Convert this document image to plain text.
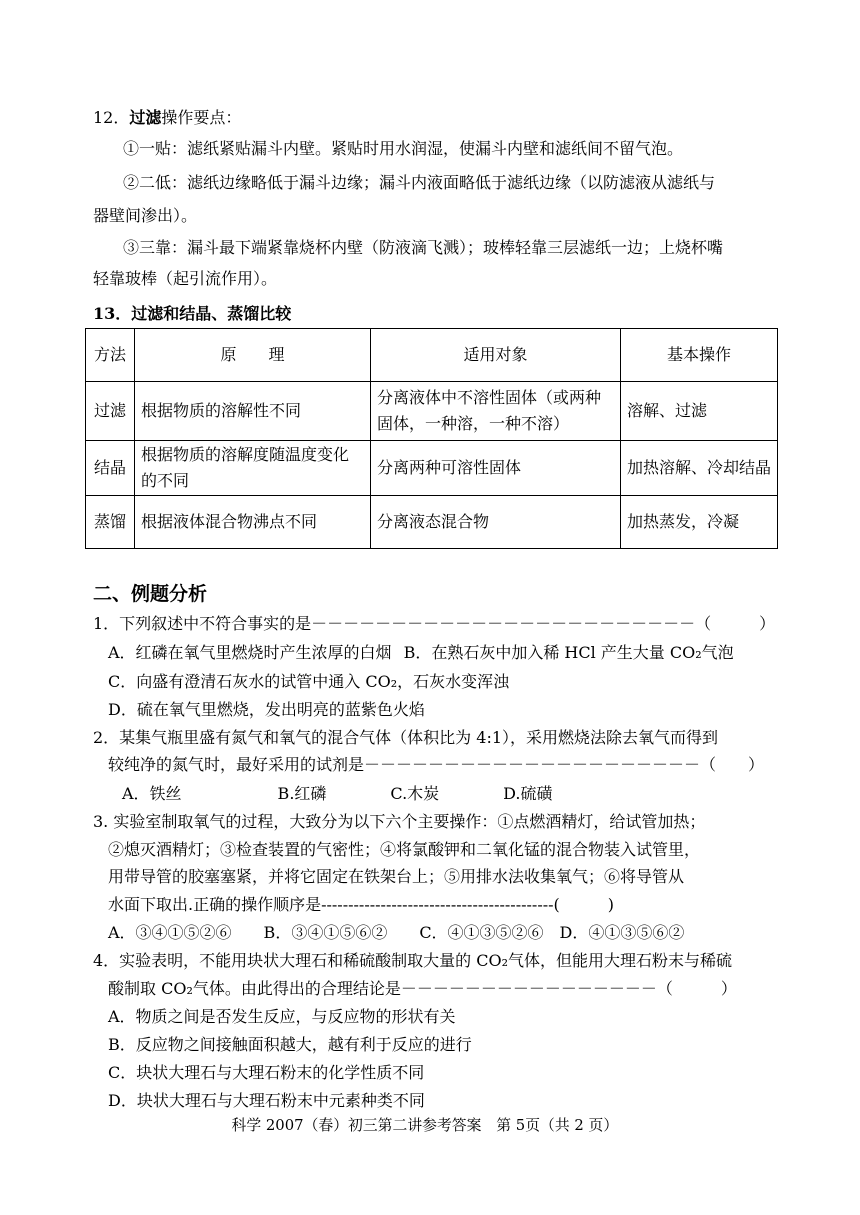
12．过滤操作要点：
①一贴：滤纸紧贴漏斗内壁。紧贴时用水润湿，使漏斗内壁和滤纸间不留气泡。
②二低：滤纸边缘略低于漏斗边缘；漏斗内液面略低于滤纸边缘（以防滤液从滤纸与
器壁间渗出）。
③三靠：漏斗最下端紧靠烧杯内壁（防液滴飞溅）；玻棒轻靠三层滤纸一边；上烧杯嘴
轻靠玻棒（起引流作用）。
13．过滤和结晶、蒸馏比较
方法	原　　理	适用对象	基本操作
过滤	根据物质的溶解性不同	分离液体中不溶性固体（或两种固体，一种溶，一种不溶）	溶解、过滤
结晶	根据物质的溶解度随温度变化的不同	分离两种可溶性固体	加热溶解、冷却结晶
蒸馏	根据液体混合物沸点不同	分离液态混合物	加热蒸发，冷凝
二、例题分析
1．下列叙述中不符合事实的是－－－－－－－－－－－－－－－－－－－－－－－－（　　　）
A．红磷在氧气里燃烧时产生浓厚的白烟 B．在熟石灰中加入稀 HCl 产生大量 CO₂气泡
C．向盛有澄清石灰水的试管中通入 CO₂，石灰水变浑浊
D．硫在氧气里燃烧，发出明亮的蓝紫色火焰
2．某集气瓶里盛有氮气和氧气的混合气体（体积比为 4:1），采用燃烧法除去氧气而得到
较纯净的氮气时，最好采用的试剂是－－－－－－－－－－－－－－－－－－－－－（　　）
A．铁丝　　　　　　B.红磷　　　　C.木炭　　　　D.硫磺
3. 实验室制取氧气的过程，大致分为以下六个主要操作：①点燃酒精灯，给试管加热；
②熄灭酒精灯；③检查装置的气密性；④将氯酸钾和二氧化锰的混合物装入试管里，
用带导管的胶塞塞紧，并将它固定在铁架台上；⑤用排水法收集氧气；⑥将导管从
水面下取出.正确的操作顺序是-------------------------------------------(　　　)
A．③④①⑤②⑥　　B．③④①⑤⑥②　　C．④①③⑤②⑥　D．④①③⑤⑥②
4．实验表明，不能用块状大理石和稀硫酸制取大量的 CO₂气体，但能用大理石粉末与稀硫
酸制取 CO₂气体。由此得出的合理结论是－－－－－－－－－－－－－－－－（　　　）
A．物质之间是否发生反应，与反应物的形状有关
B．反应物之间接触面积越大，越有利于反应的进行
C．块状大理石与大理石粉末的化学性质不同
D．块状大理石与大理石粉末中元素种类不同
科学 2007（春）初三第二讲参考答案　第 5页（共 2 页）
